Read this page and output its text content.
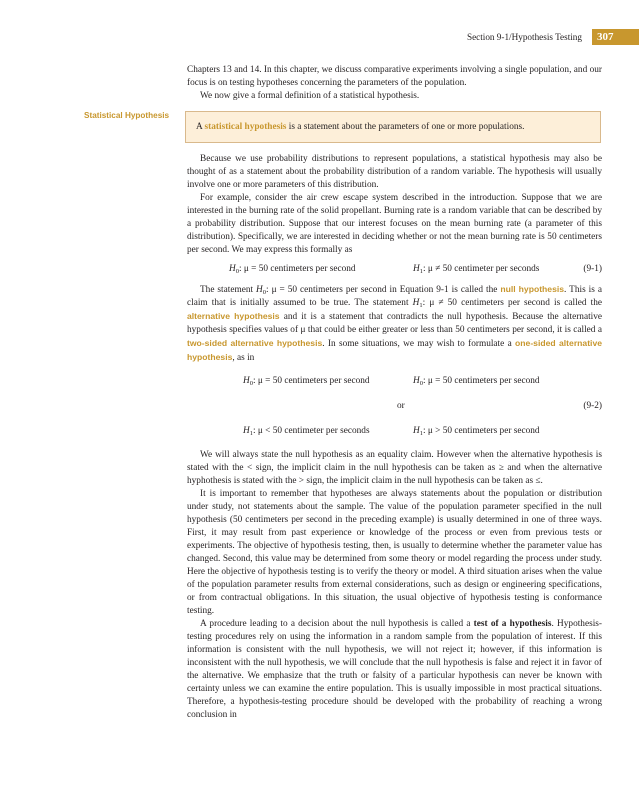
Section 9-1/Hypothesis Testing	307
Statistical Hypothesis

Chapters 13 and 14. In this chapter, we discuss comparative experiments involving a single population, and our focus is on testing hypotheses concerning the parameters of the population.

We now give a formal definition of a statistical hypothesis.

A statistical hypothesis is a statement about the parameters of one or more populations.

Because we use probability distributions to represent populations, a statistical hypothesis may also be thought of as a statement about the probability distribution of a random variable. The hypothesis will usually involve one or more parameters of this distribution.

For example, consider the air crew escape system described in the introduction. Suppose that we are interested in the burning rate of the solid propellant. Burning rate is a random variable that can be described by a probability distribution. Suppose that our interest focuses on the mean burning rate (a parameter of this distribution). Specifically, we are interested in deciding whether or not the mean burning rate is 50 centimeters per second. We may express this formally as

$H_0$: μ = 50 centimeters per second	$H_1$: μ ≠ 50 centimeter per seconds	(9-1)

The statement $H_0$: μ = 50 centimeters per second in Equation 9-1 is called the null hypothesis. This is a claim that is initially assumed to be true. The statement $H_1$: μ ≠ 50 centimeters per second is called the alternative hypothesis and it is a statement that contradicts the null hypothesis. Because the alternative hypothesis specifies values of μ that could be either greater or less than 50 centimeters per second, it is called a two-sided alternative hypothesis. In some situations, we may wish to formulate a one-sided alternative hypothesis, as in

$H_0$: μ = 50 centimeters per second	$H_0$: μ = 50 centimeters per second
or	(9-2)
$H_1$: μ < 50 centimeter per seconds	$H_1$: μ > 50 centimeters per second

We will always state the null hypothesis as an equality claim. However when the alternative hypothesis is stated with the < sign, the implicit claim in the null hypothesis can be taken as ≥ and when the alternative hyphothesis is stated with the > sign, the implicit claim in the null hypothesis can be taken as ≤.

It is important to remember that hypotheses are always statements about the population or distribution under study, not statements about the sample. The value of the population parameter specified in the null hypothesis (50 centimeters per second in the preceding example) is usually determined in one of three ways. First, it may result from past experience or knowledge of the process or even from previous tests or experiments. The objective of hypothesis testing, then, is usually to determine whether the parameter value has changed. Second, this value may be determined from some theory or model regarding the process under study. Here the objective of hypothesis testing is to verify the theory or model. A third situation arises when the value of the population parameter results from external considerations, such as design or engineering specifications, or from contractual obligations. In this situation, the usual objective of hypothesis testing is conformance testing.

A procedure leading to a decision about the null hypothesis is called a test of a hypothesis. Hypothesis-testing procedures rely on using the information in a random sample from the population of interest. If this information is consistent with the null hypothesis, we will not reject it; however, if this information is inconsistent with the null hypothesis, we will conclude that the null hypothesis is false and reject it in favor of the alternative. We emphasize that the truth or falsity of a particular hypothesis can never be known with certainty unless we can examine the entire population. This is usually impossible in most practical situations. Therefore, a hypothesis-testing procedure should be developed with the probability of reaching a wrong conclusion in
